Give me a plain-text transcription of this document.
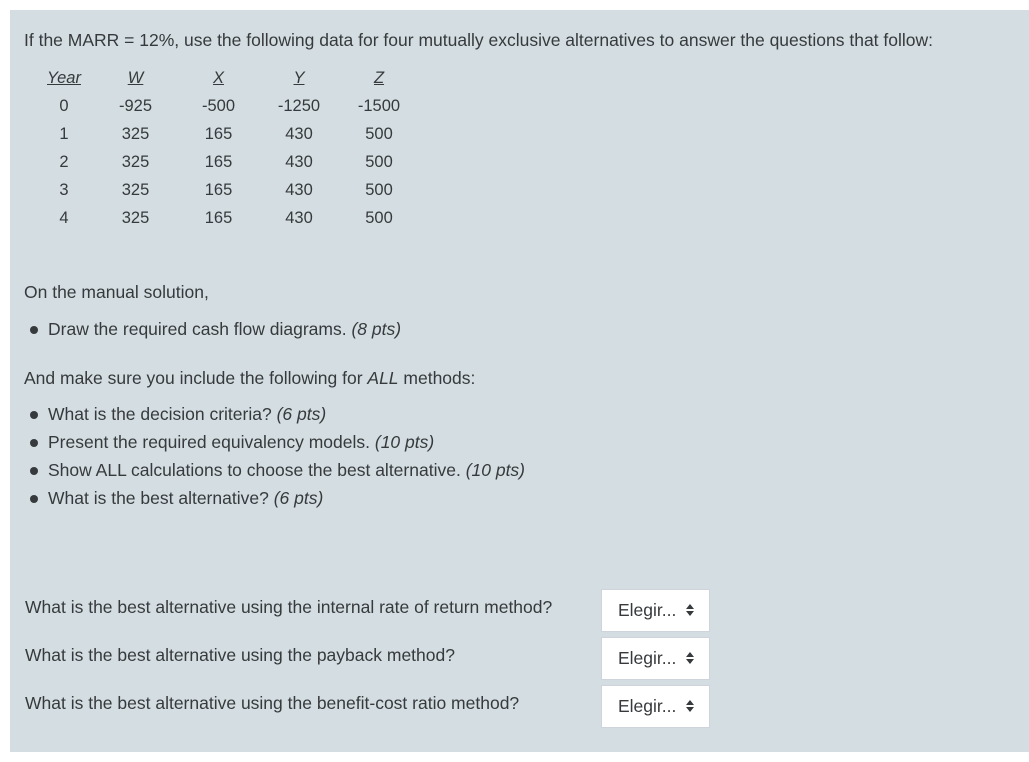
If the MARR = 12%, use the following data for four mutually exclusive alternatives to answer the questions that follow:
Year	W	X	Y	Z
0	-925	-500	-1250	-1500
1	325	165	430	500
2	325	165	430	500
3	325	165	430	500
4	325	165	430	500
On the manual solution,
Draw the required cash flow diagrams. (8 pts)
And make sure you include the following for ALL methods:
What is the decision criteria? (6 pts)
Present the required equivalency models. (10 pts)
Show ALL calculations to choose the best alternative. (10 pts)
What is the best alternative? (6 pts)
What is the best alternative using the internal rate of return method?	Elegir...
What is the best alternative using the payback method?	Elegir...
What is the best alternative using the benefit-cost ratio method?	Elegir...
